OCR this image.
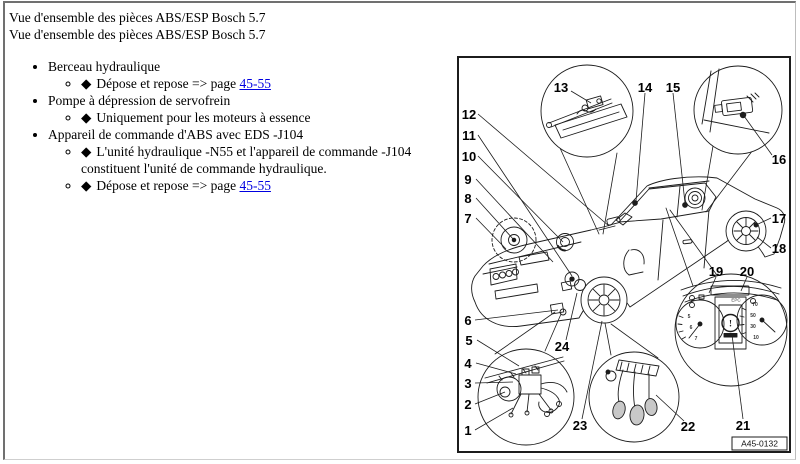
Vue d'ensemble des pièces ABS/ESP Bosch 5.7
Vue d'ensemble des pièces ABS/ESP Bosch 5.7
• Berceau hydraulique
◦ ◆ Dépose et repose => page 45-55
• Pompe à dépression de servofrein
◦ ◆ Uniquement pour les moteurs à essence
• Appareil de commande d'ABS avec EDS -J104
◦ ◆ L'unité hydraulique -N55 et l'appareil de commande -J104 constituent l'unité de commande hydraulique.
◦ ◆ Dépose et repose => page 45-55
EPC
5
6
7
70
50
30
10
!
1
2
3
4
5
6
7
8
9
10
11
12
13	14 15
16
17
18
19 20
21
22
23
24
A45-0132
